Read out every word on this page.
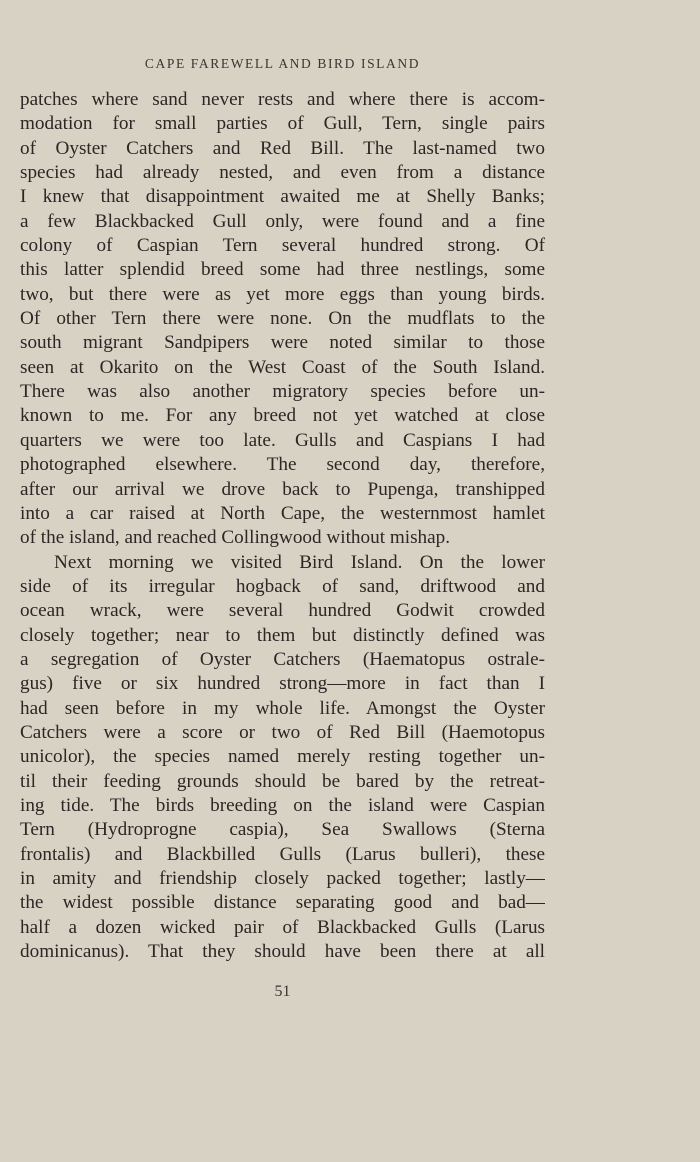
CAPE FAREWELL AND BIRD ISLAND
patches where sand never rests and where there is accom-
modation for small parties of Gull, Tern, single pairs
of Oyster Catchers and Red Bill. The last-named two
species had already nested, and even from a distance
I knew that disappointment awaited me at Shelly Banks;
a few Blackbacked Gull only, were found and a fine
colony of Caspian Tern several hundred strong. Of
this latter splendid breed some had three nestlings, some
two, but there were as yet more eggs than young birds.
Of other Tern there were none. On the mudflats to the
south migrant Sandpipers were noted similar to those
seen at Okarito on the West Coast of the South Island.
There was also another migratory species before un-
known to me. For any breed not yet watched at close
quarters we were too late. Gulls and Caspians I had
photographed elsewhere. The second day, therefore,
after our arrival we drove back to Pupenga, transhipped
into a car raised at North Cape, the westernmost hamlet
of the island, and reached Collingwood without mishap.
Next morning we visited Bird Island. On the lower
side of its irregular hogback of sand, driftwood and
ocean wrack, were several hundred Godwit crowded
closely together; near to them but distinctly defined was
a segregation of Oyster Catchers (Haematopus ostrale-
gus) five or six hundred strong—more in fact than I
had seen before in my whole life. Amongst the Oyster
Catchers were a score or two of Red Bill (Haemotopus
unicolor), the species named merely resting together un-
til their feeding grounds should be bared by the retreat-
ing tide. The birds breeding on the island were Caspian
Tern (Hydroprogne caspia), Sea Swallows (Sterna
frontalis) and Blackbilled Gulls (Larus bulleri), these
in amity and friendship closely packed together; lastly—
the widest possible distance separating good and bad—
half a dozen wicked pair of Blackbacked Gulls (Larus
dominicanus). That they should have been there at all
51
